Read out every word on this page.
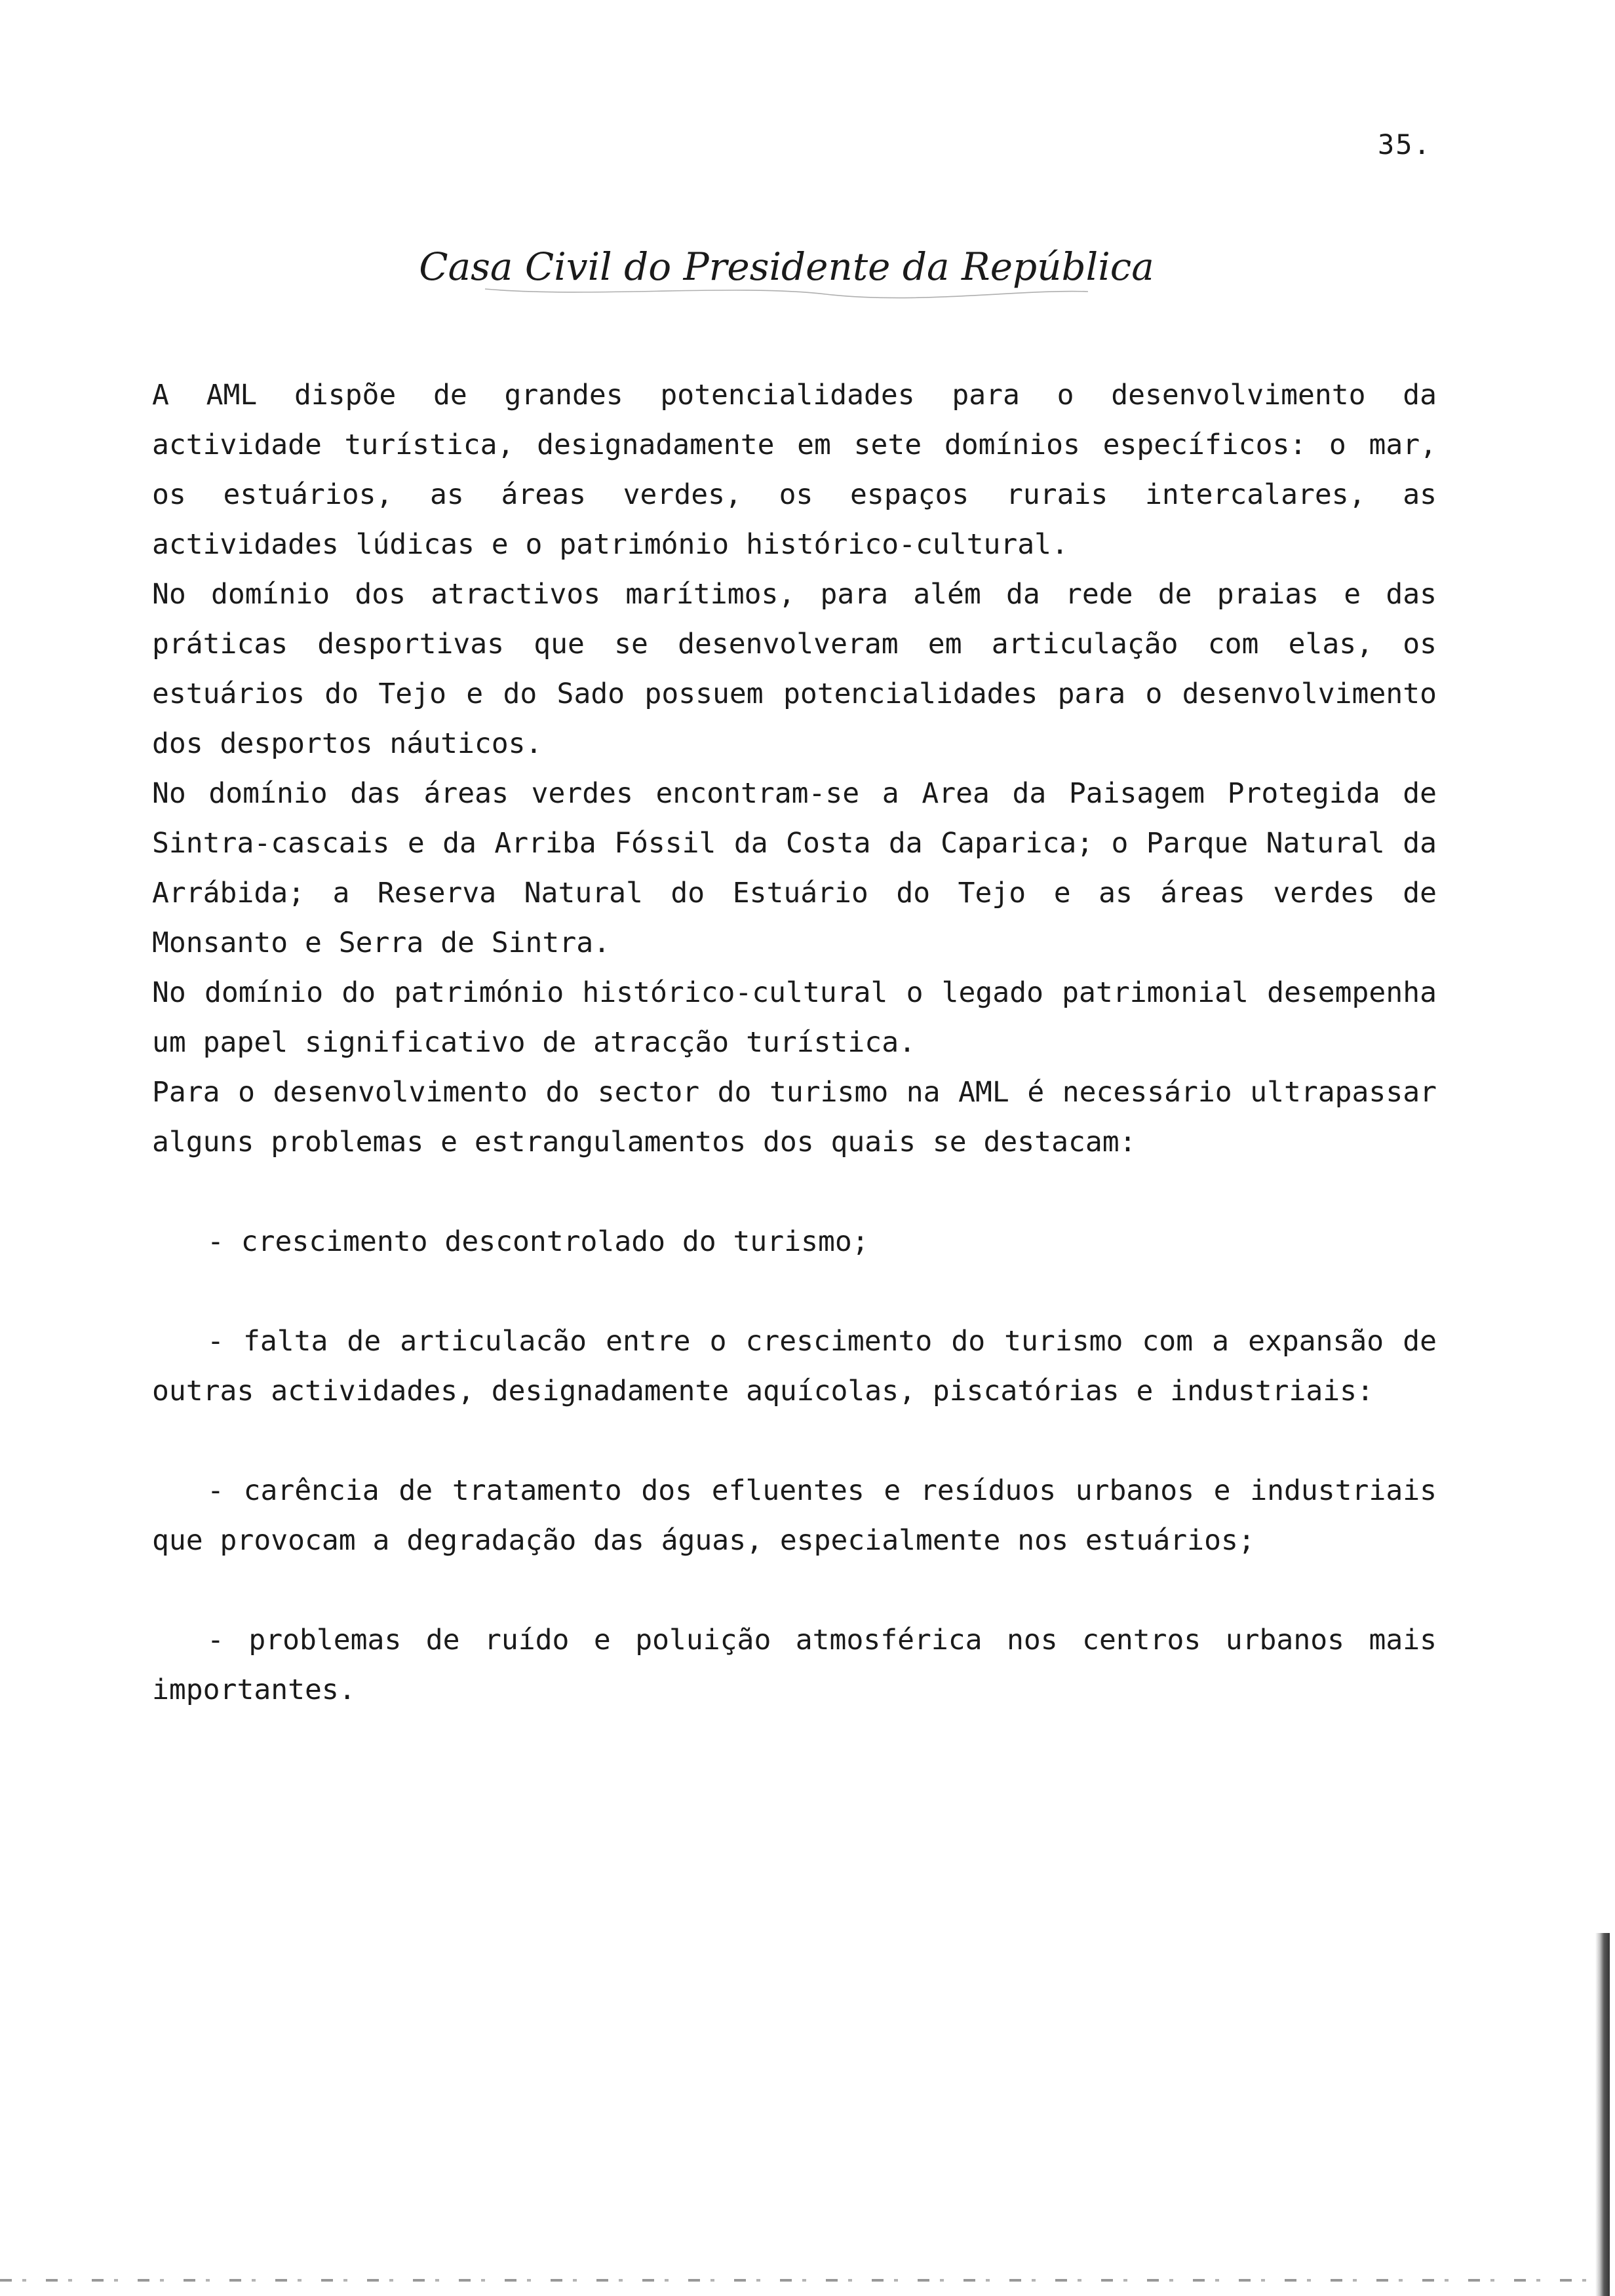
35.
Casa Civil do Presidente da República

A AML dispõe de grandes potencialidades para o desenvolvimento da actividade turística, designadamente em sete domínios específicos: o mar, os estuários, as áreas verdes, os espaços rurais intercalares, as actividades lúdicas e o património histórico-cultural.

No domínio dos atractivos marítimos, para além da rede de praias e das práticas desportivas que se desenvolveram em articulação com elas, os estuários do Tejo e do Sado possuem potencialidades para o desenvolvimento dos desportos náuticos.

No domínio das áreas verdes encontram-se a Area da Paisagem Protegida de Sintra-cascais e da Arriba Fóssil da Costa da Caparica; o Parque Natural da Arrábida; a Reserva Natural do Estuário do Tejo e as áreas verdes de Monsanto e Serra de Sintra.

No domínio do património histórico-cultural o legado patrimonial desempenha um papel significativo de atracção turística.

Para o desenvolvimento do sector do turismo na AML é necessário ultrapassar alguns problemas e estrangulamentos dos quais se destacam:

- crescimento descontrolado do turismo;

- falta de articulacão entre o crescimento do turismo com a expansão de outras actividades, designadamente aquícolas, piscatórias e industriais:

- carência de tratamento dos efluentes e resíduos urbanos e industriais que provocam a degradação das águas, especialmente nos estuários;

- problemas de ruído e poluição atmosférica nos centros urbanos mais importantes.
